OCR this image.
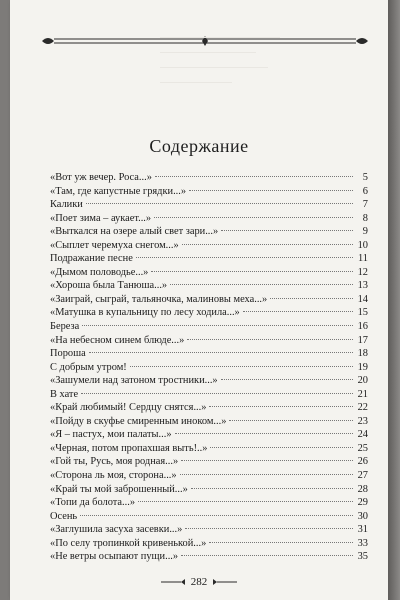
Содержание
«Вот уж вечер. Роса...»	5
«Там, где капустные грядки...»	6
Калики	7
«Поет зима – аукает...»	8
«Выткался на озере алый свет зари...»	9
«Сыплет черемуха снегом...»	10
Подражание песне	11
«Дымом половодье...»	12
«Хороша была Танюша...»	13
«Заиграй, сыграй, тальяночка, малиновы меха...»	14
«Матушка в купальницу по лесу ходила...»	15
Береза	16
«На небесном синем блюде...»	17
Пороша	18
С добрым утром!	19
«Зашумели над затоном тростники...»	20
В хате	21
«Край любимый! Сердцу снятся...»	22
«Пойду в скуфье смиренным иноком...»	23
«Я – пастух, мои палаты...»	24
«Черная, потом пропахшая выть!..»	25
«Гой ты, Русь, моя родная...»	26
«Сторона ль моя, сторона...»	27
«Край ты мой заброшенный...»	28
«Топи да болота...»	29
Осень	30
«Заглушила засуха засевки...»	31
«По селу тропинкой кривенькой...»	33
«Не ветры осыпают пущи...»	35
282
